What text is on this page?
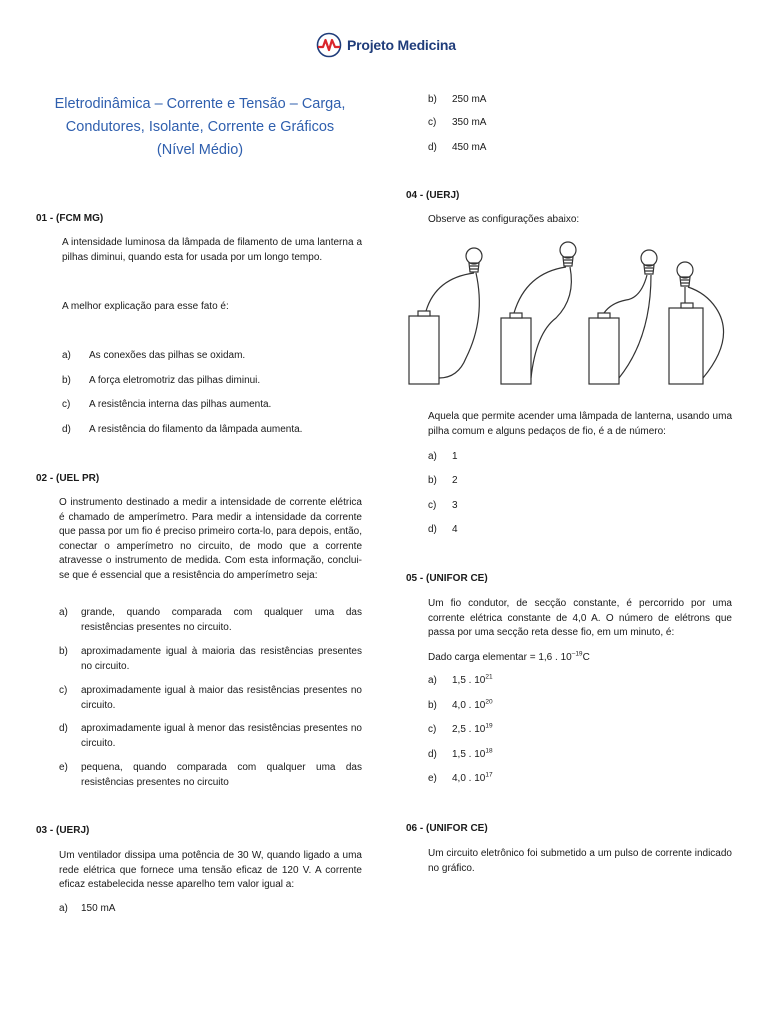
Projeto Medicina
Eletrodinâmica – Corrente e Tensão – Carga,
Condutores, Isolante, Corrente e Gráficos
(Nível Médio)
01 - (FCM MG)
A intensidade luminosa da lâmpada de filamento de uma lanterna a pilhas diminui, quando esta for usada por um longo tempo.
A melhor explicação para esse fato é:
a)	As conexões das pilhas se oxidam.
b)	A força eletromotriz das pilhas diminui.
c)	A resistência interna das pilhas aumenta.
d)	A resistência do filamento da lâmpada aumenta.
02 - (UEL PR)
O instrumento destinado a medir a intensidade de corrente elétrica é chamado de amperímetro. Para medir a intensidade da corrente que passa por um fio é preciso primeiro corta-lo, para depois, então, conectar o amperímetro no circuito, de modo que a corrente atravesse o instrumento de medida. Com esta informação, conclui-se que é essencial que a resistência do amperímetro seja:
a)	grande, quando comparada com qualquer uma das resistências presentes no circuito.
b)	aproximadamente igual à maioria das resistências presentes no circuito.
c)	aproximadamente igual à maior das resistências presentes no circuito.
d)	aproximadamente igual à menor das resistências presentes no circuito.
e)	pequena, quando comparada com qualquer uma das resistências presentes no circuito
03 - (UERJ)
Um ventilador dissipa uma potência de 30 W, quando ligado a uma rede elétrica que fornece uma tensão eficaz de 120 V. A corrente eficaz estabelecida nesse aparelho tem valor igual a:
a)	150 mA
b)	250 mA
c)	350 mA
d)	450 mA
04 - (UERJ)
Observe as configurações abaixo:
Aquela que permite acender uma lâmpada de lanterna, usando uma pilha comum e alguns pedaços de fio, é a de número:
a)	1
b)	2
c)	3
d)	4
05 - (UNIFOR CE)
Um fio condutor, de secção constante, é percorrido por uma corrente elétrica constante de 4,0 A. O número de elétrons que passa por uma secção reta desse fio, em um minuto, é:
Dado carga elementar = 1,6 . $10^{-19}C$
a)	1,5 . $10^{21}$
b)	4,0 . $10^{20}$
c)	2,5 . $10^{19}$
d)	1,5 . $10^{18}$
e)	4,0 . $10^{17}$
06 - (UNIFOR CE)
Um circuito eletrônico foi submetido a um pulso de corrente indicado no gráfico.
